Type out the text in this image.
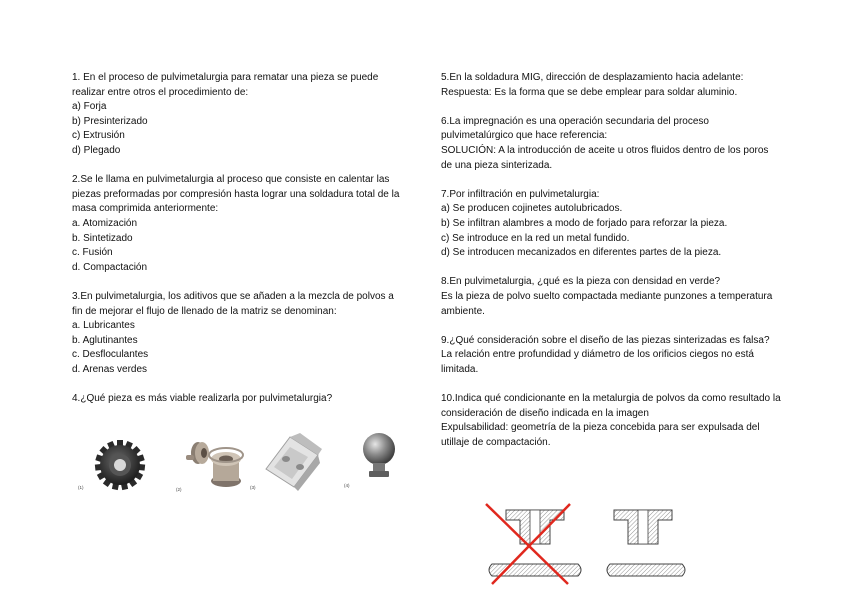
1. En el proceso de pulvimetalurgia para rematar una pieza se puede realizar entre otros el procedimiento de:

a) Forja

b) Presinterizado

c) Extrusión

d) Plegado

2.Se le llama en pulvimetalurgia al proceso que consiste en calentar las piezas preformadas por compresión hasta lograr una soldadura total de la masa comprimida anteriormente:

a. Atomización

b. Sintetizado

c. Fusión

d. Compactación

3.En pulvimetalurgia, los aditivos que se añaden a la mezcla de polvos a fin de mejorar el flujo de llenado de la matriz se denominan:

a. Lubricantes

b. Aglutinantes

c. Desfloculantes

d. Arenas verdes

4.¿Qué pieza es más viable realizarla por pulvimetalurgia?

(1)	(2)	(3)	(4)

5.En la soldadura MIG, dirección de desplazamiento hacia adelante:

Respuesta: Es la forma que se debe emplear para soldar aluminio.

6.La impregnación es una operación secundaria del proceso pulvimetalúrgico que hace referencia:

SOLUCIÓN: A la introducción de aceite u otros fluidos dentro de los poros de una pieza sinterizada.

7.Por infiltración en pulvimetalurgia:

a) Se producen cojinetes autolubricados.

b) Se infiltran alambres a modo de forjado para reforzar la pieza.

c) Se introduce en la red un metal fundido.

d) Se introducen mecanizados en diferentes partes de la pieza.

8.En pulvimetalurgia, ¿qué es la pieza con densidad en verde?

Es la pieza de polvo suelto compactada mediante punzones a temperatura ambiente.

9.¿Qué consideración sobre el diseño de las piezas sinterizadas es falsa?

La relación entre profundidad y diámetro de los orificios ciegos no está limitada.

10.Indica qué condicionante en la metalurgia de polvos da como resultado la consideración de diseño indicada en la imagen

Expulsabilidad: geometría de la pieza concebida para ser expulsada del utillaje de compactación.
